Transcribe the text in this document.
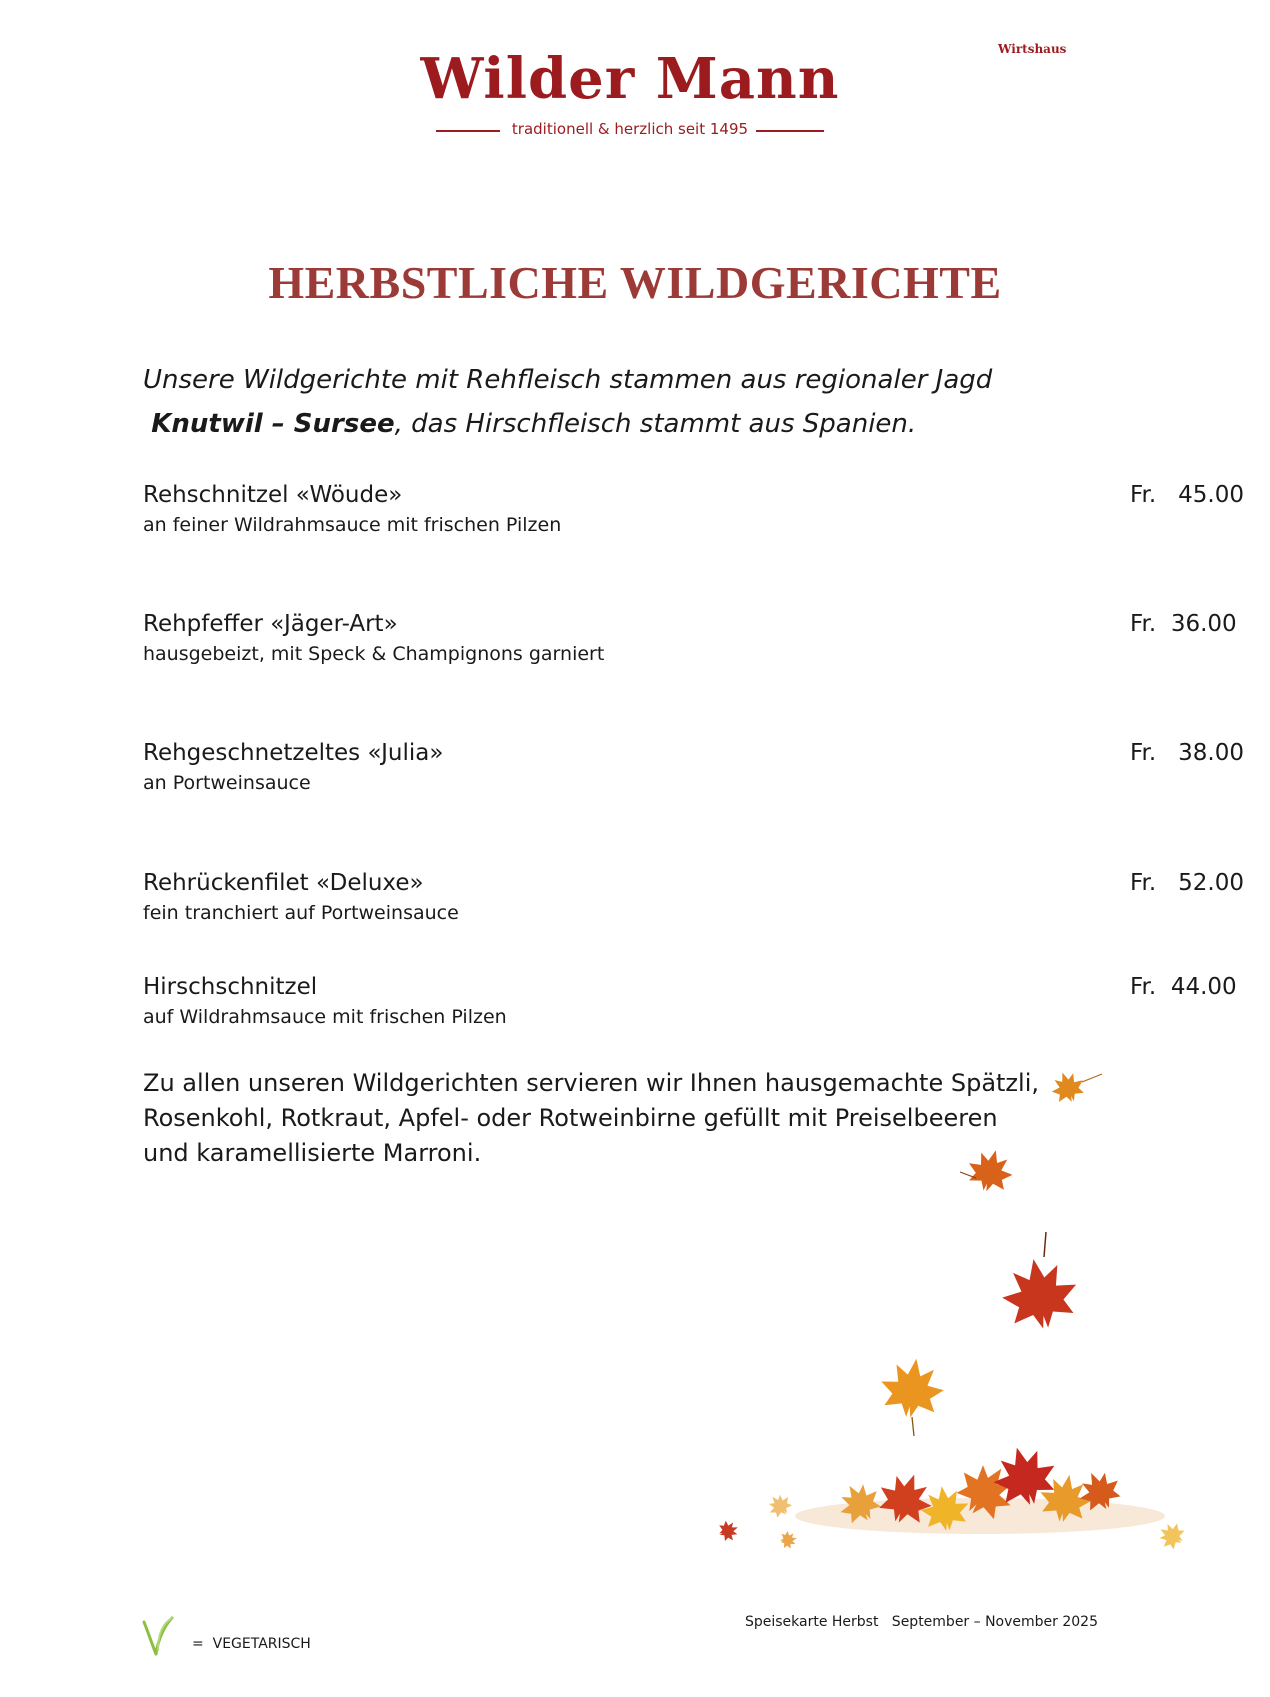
Wirtshaus
Wilder Mann
traditionell & herzlich seit 1495
HERBSTLICHE WILDGERICHTE
Unsere Wildgerichte mit Rehfleisch stammen aus regionaler Jagd
Knutwil – Sursee, das Hirschfleisch stammt aus Spanien.
Rehschnitzel «Wöude»
an feiner Wildrahmsauce mit frischen Pilzen
Fr.   45.00
Rehpfeffer «Jäger-Art»
hausgebeizt, mit Speck & Champignons garniert
Fr.  36.00
Rehgeschnetzeltes «Julia»
an Portweinsauce
Fr.   38.00
Rehrückenfilet «Deluxe»
fein tranchiert auf Portweinsauce
Fr.   52.00
Hirschschnitzel
auf Wildrahmsauce mit frischen Pilzen
Fr.  44.00
Zu allen unseren Wildgerichten servieren wir Ihnen hausgemachte Spätzli, Rosenkohl, Rotkraut, Apfel- oder Rotweinbirne gefüllt mit Preiselbeeren und karamellisierte Marroni.
=  VEGETARISCH
Speisekarte Herbst   September – November 2025
